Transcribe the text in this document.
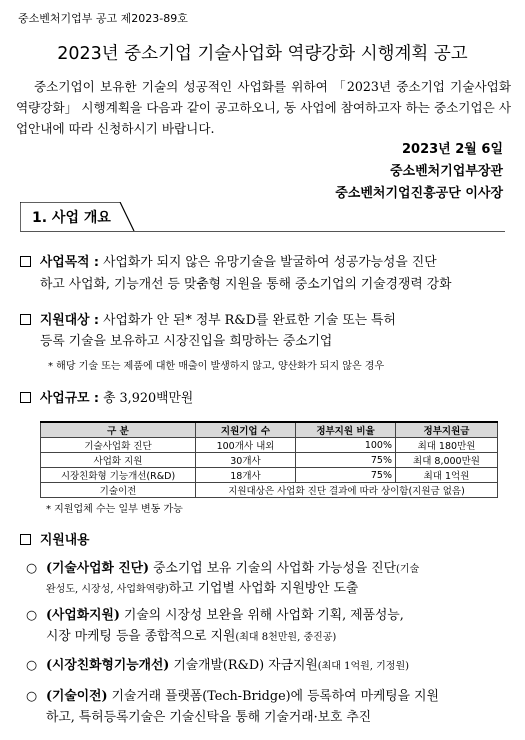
중소벤처기업부 공고 제2023-89호
2023년 중소기업 기술사업화 역량강화 시행계획 공고
중소기업이 보유한 기술의 성공적인 사업화를 위하여 「2023년 중소기업 기술사업화 역량강화」 시행계획을 다음과 같이 공고하오니, 동 사업에 참여하고자 하는 중소기업은 사업안내에 따라 신청하시기 바랍니다.
2023년 2월 6일
중소벤처기업부장관
중소벤처기업진흥공단 이사장
1. 사업 개요
사업목적 : 사업화가 되지 않은 유망기술을 발굴하여 성공가능성을 진단
하고 사업화, 기능개선 등 맞춤형 지원을 통해 중소기업의 기술경쟁력 강화
지원대상 : 사업화가 안 된* 정부 R&D를 완료한 기술 또는 특허
등록 기술을 보유하고 시장진입을 희망하는 중소기업
* 해당 기술 또는 제품에 대한 매출이 발생하지 않고, 양산화가 되지 않은 경우
사업규모 : 총 3,920백만원
구 분	지원기업 수	정부지원 비율	정부지원금
기술사업화 진단	100개사 내외	100%	최대 180만원
사업화 지원	30개사	75%	최대 8,000만원
시장친화형 기능개선(R&D)	18개사	75%	최대 1억원
기술이전	지원대상은 사업화 진단 결과에 따라 상이함(지원금 없음)		
* 지원업체 수는 일부 변동 가능
지원내용
○ (기술사업화 진단) 중소기업 보유 기술의 사업화 가능성을 진단(기술
완성도, 시장성, 사업화역량)하고 기업별 사업화 지원방안 도출
○ (사업화지원) 기술의 시장성 보완을 위해 사업화 기획, 제품성능,
시장 마케팅 등을 종합적으로 지원(최대 8천만원, 중진공)
○ (시장친화형기능개선) 기술개발(R&D) 자금지원(최대 1억원, 기정원)
○ (기술이전) 기술거래 플랫폼(Tech-Bridge)에 등록하여 마케팅을 지원
하고, 특허등록기술은 기술신탁을 통해 기술거래·보호 추진
